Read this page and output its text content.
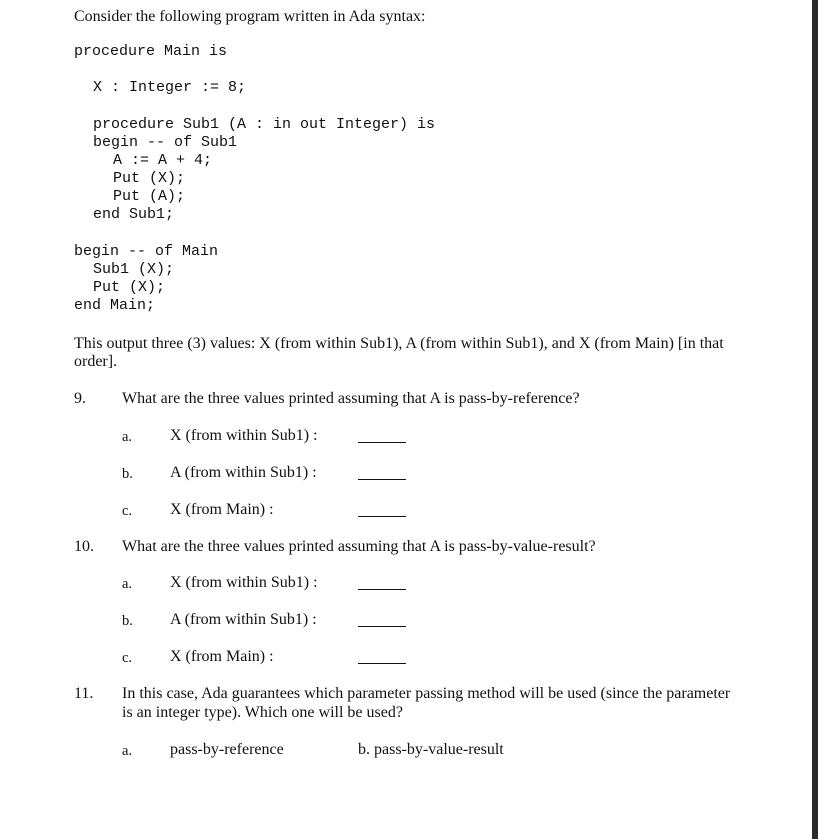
Consider the following program written in Ada syntax:
procedure Main is
X : Integer := 8;
procedure Sub1 (A : in out Integer) is
begin -- of Sub1
A := A + 4;
Put (X);
Put (A);
end Sub1;
begin -- of Main
Sub1 (X);
Put (X);
end Main;
This output three (3) values: X (from within Sub1), A (from within Sub1), and X (from Main) [in that
order].
9. What are the three values printed assuming that A is pass-by-reference?
a. X (from within Sub1) :
b. A (from within Sub1) :
c. X (from Main) :
10. What are the three values printed assuming that A is pass-by-value-result?
a. X (from within Sub1) :
b. A (from within Sub1) :
c. X (from Main) :
11. In this case, Ada guarantees which parameter passing method will be used (since the parameter
is an integer type). Which one will be used?
a. pass-by-reference	b. pass-by-value-result
